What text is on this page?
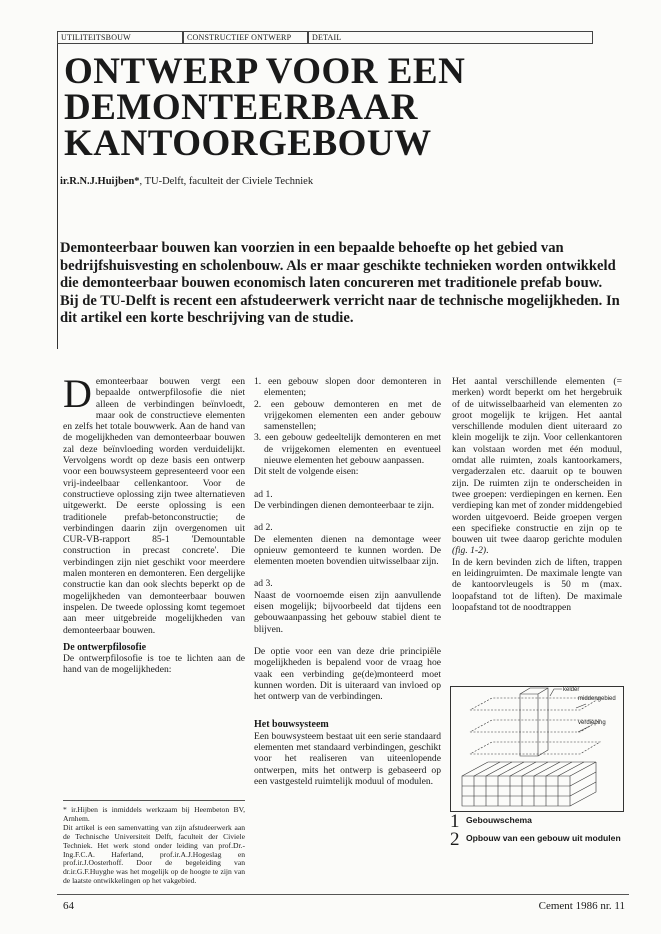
UTILITEITSBOUW	CONSTRUCTIEF ONTWERP	DETAIL
ONTWERP VOOR EEN
DEMONTEERBAAR
KANTOORGEBOUW
ir.R.N.J.Huijben*, TU-Delft, faculteit der Civiele Techniek

Demonteerbaar bouwen kan voorzien in een bepaalde behoefte op het gebied van bedrijfshuisvesting en scholenbouw. Als er maar geschikte technieken worden ontwikkeld die demonteerbaar bouwen economisch laten concureren met traditionele prefab bouw. Bij de TU-Delft is recent een afstudeerwerk verricht naar de technische mogelijkheden. In dit artikel een korte beschrijving van de studie.

Demonteerbaar bouwen vergt een bepaalde ontwerpfilosofie die niet alleen de verbindingen beïnvloedt, maar ook de constructieve elementen en zelfs het totale bouwwerk. Aan de hand van de mogelijkheden van demonteerbaar bouwen zal deze beïnvloeding worden verduidelijkt. Vervolgens wordt op deze basis een ontwerp voor een bouwsysteem gepresenteerd voor een vrij-indeelbaar cellenkantoor. Voor de constructieve oplossing zijn twee alternatieven uitgewerkt. De eerste oplossing is een traditionele prefab-betonconstructie; de verbindingen daarin zijn overgenomen uit CUR-VB-rapport 85-1 'Demountable construction in precast concrete'. Die verbindingen zijn niet geschikt voor meerdere malen monteren en demonteren. Een dergelijke constructie kan dan ook slechts beperkt op de mogelijkheden van demonteerbaar bouwen inspelen. De tweede oplossing komt tegemoet aan meer uitgebreide mogelijkheden van demonteerbaar bouwen.

De ontwerpfilosofie

De ontwerpfilosofie is toe te lichten aan de hand van de mogelijkheden:

* ir.Hijben is inmiddels werkzaam bij Heembeton BV, Arnhem.

Dit artikel is een samenvatting van zijn afstudeerwerk aan de Technische Universiteit Delft, faculteit der Civiele Techniek. Het werk stond onder leiding van prof.Dr.-Ing.F.C.A. Haferland, prof.ir.A.J.Hogeslag en prof.ir.J.Oosterhoff. Door de begeleiding van dr.ir.G.F.Huyghe was het mogelijk op de hoogte te zijn van de laatste ontwikkelingen op het vakgebied.

1. een gebouw slopen door demonteren in elementen;
2. een gebouw demonteren en met de vrijgekomen elementen een ander gebouw samenstellen;
3. een gebouw gedeeltelijk demonteren en met de vrijgekomen elementen en eventueel nieuwe elementen het gebouw aanpassen.

Dit stelt de volgende eisen:

ad 1.

De verbindingen dienen demonteerbaar te zijn.

ad 2.

De elementen dienen na demontage weer opnieuw gemonteerd te kunnen worden. De elementen moeten bovendien uitwisselbaar zijn.

ad 3.

Naast de voornoemde eisen zijn aanvullende eisen mogelijk; bijvoorbeeld dat tijdens een gebouwaanpassing het gebouw stabiel dient te blijven.

De optie voor een van deze drie principiële mogelijkheden is bepalend voor de vraag hoe vaak een verbinding ge(de)monteerd moet kunnen worden. Dit is uiteraard van invloed op het ontwerp van de verbindingen.

Het bouwsysteem

Een bouwsysteem bestaat uit een serie standaard elementen met standaard verbindingen, geschikt voor het realiseren van uiteenlopende ontwerpen, mits het ontwerp is gebaseerd op een vastgesteld ruimtelijk moduul of modulen.

Het aantal verschillende elementen (= merken) wordt beperkt om het hergebruik of de uitwisselbaarheid van elementen zo groot mogelijk te krijgen. Het aantal verschillende modulen dient uiteraard zo klein mogelijk te zijn. Voor cellenkantoren kan volstaan worden met één moduul, omdat alle ruimten, zoals kantoorkamers, vergaderzalen etc. daaruit op te bouwen zijn. De ruimten zijn te onderscheiden in twee groepen: verdiepingen en kernen. Een verdieping kan met of zonder middengebied worden uitgevoerd. Beide groepen vergen een specifieke constructie en zijn op te bouwen uit twee daarop gerichte modulen (fig. 1-2).

In de kern bevinden zich de liften, trappen en leidingruimten. De maximale lengte van de kantoorvleugels is 50 m (max. loopafstand tot de liften). De maximale loopafstand tot de noodtrappen

kelder
middengebied
verdieping
1 Gebouwschema
2 Opbouw van een gebouw uit modulen
64	Cement 1986 nr. 11
